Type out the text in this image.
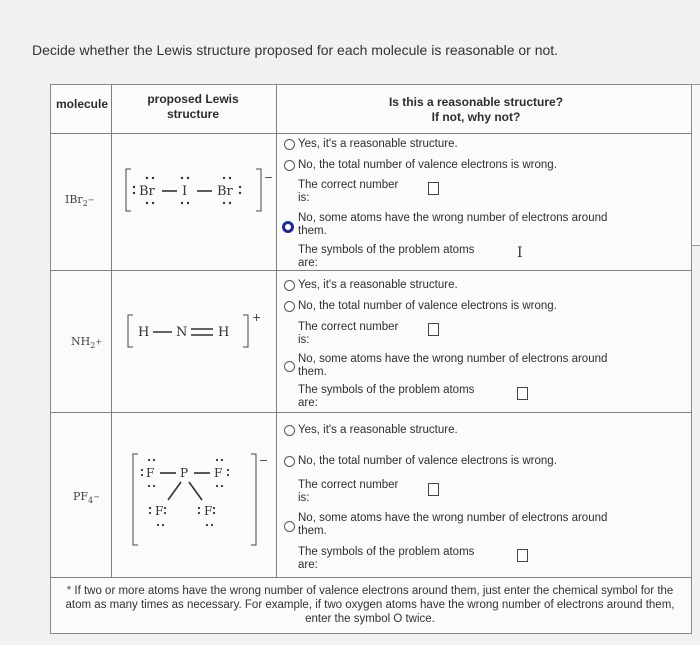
Decide whether the Lewis structure proposed for each molecule is reasonable or not.
molecule	proposed Lewis
structure
Is this a reasonable structure?
If not, why not?
IBr$_{2^-}$
−
Br I Br
Yes, it's a reasonable structure.
No, the total number of valence electrons is wrong.
The correct number
is:
No, some atoms have the wrong number of electrons around
them.
The symbols of the problem atoms
are:
I
$NH_{2^+}$
+
H N H
Yes, it's a reasonable structure.
No, the total number of valence electrons is wrong.
The correct number
is:
No, some atoms have the wrong number of electrons around
them.
The symbols of the problem atoms
are:
$PF_{4^-}$
−
F P F
F	F
Yes, it's a reasonable structure.
No, the total number of valence electrons is wrong.
The correct number
is:
No, some atoms have the wrong number of electrons around
them.
The symbols of the problem atoms
are:
* If two or more atoms have the wrong number of valence electrons around them, just enter the chemical symbol for the atom as many times as necessary. For example, if two oxygen atoms have the wrong number of electrons around them, enter the symbol O twice.
